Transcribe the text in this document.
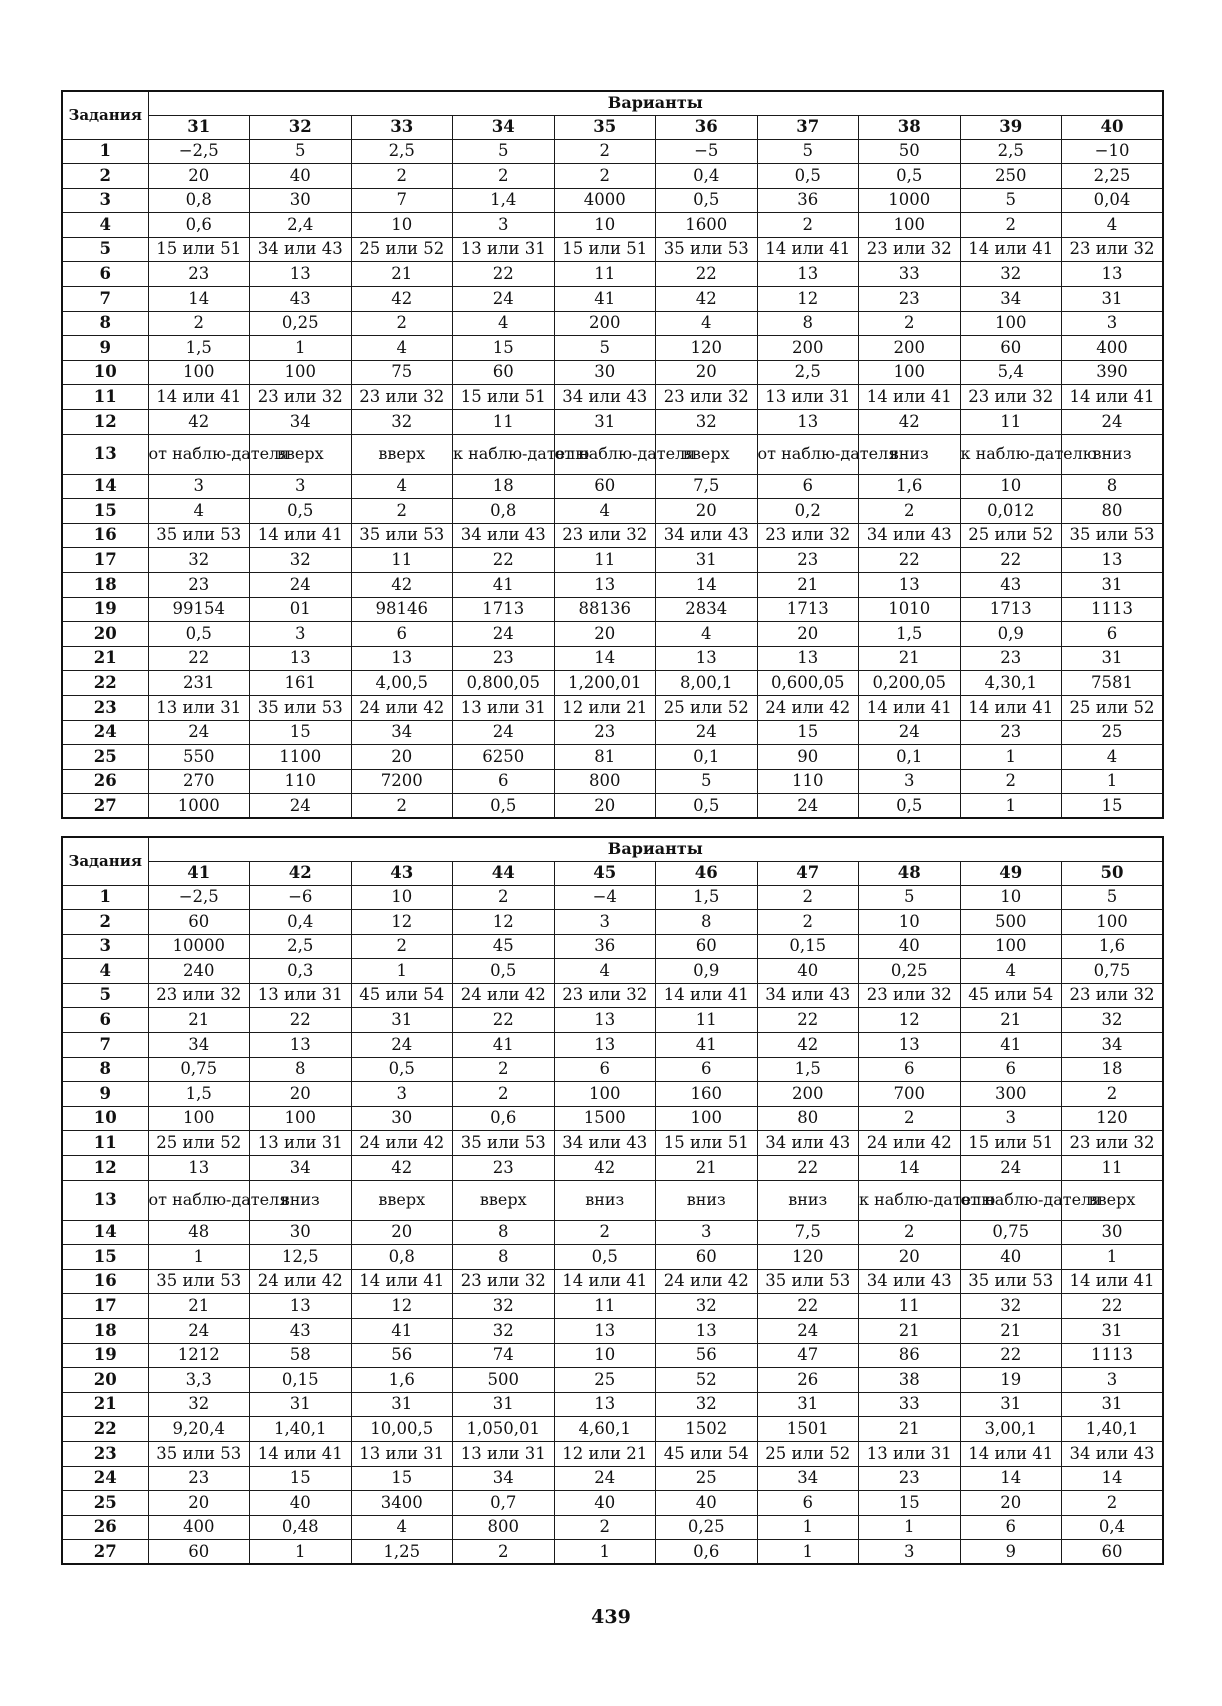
Задания	Варианты									
	31	32	33	34	35	36	37	38	39	40
1	−2,5	5	2,5	5	2	−5	5	50	2,5	−10
2	20	40	2	2	2	0,4	0,5	0,5	250	2,25
3	0,8	30	7	1,4	4000	0,5	36	1000	5	0,04
4	0,6	2,4	10	3	10	1600	2	100	2	4
5	15 или 51	34 или 43	25 или 52	13 или 31	15 или 51	35 или 53	14 или 41	23 или 32	14 или 41	23 или 32
6	23	13	21	22	11	22	13	33	32	13
7	14	43	42	24	41	42	12	23	34	31
8	2	0,25	2	4	200	4	8	2	100	3
9	1,5	1	4	15	5	120	200	200	60	400
10	100	100	75	60	30	20	2,5	100	5,4	390
11	14 или 41	23 или 32	23 или 32	15 или 51	34 или 43	23 или 32	13 или 31	14 или 41	23 или 32	14 или 41
12	42	34	32	11	31	32	13	42	11	24
13	от наблю-дателя	вверх	вверх	к наблю-дателю	от наблю-дателя	вверх	от наблю-дателя	вниз	к наблю-дателю	вниз
14	3	3	4	18	60	7,5	6	1,6	10	8
15	4	0,5	2	0,8	4	20	0,2	2	0,012	80
16	35 или 53	14 или 41	35 или 53	34 или 43	23 или 32	34 или 43	23 или 32	34 или 43	25 или 52	35 или 53
17	32	32	11	22	11	31	23	22	22	13
18	23	24	42	41	13	14	21	13	43	31
19	99154	01	98146	1713	88136	2834	1713	1010	1713	1113
20	0,5	3	6	24	20	4	20	1,5	0,9	6
21	22	13	13	23	14	13	13	21	23	31
22	231	161	4,00,5	0,800,05	1,200,01	8,00,1	0,600,05	0,200,05	4,30,1	7581
23	13 или 31	35 или 53	24 или 42	13 или 31	12 или 21	25 или 52	24 или 42	14 или 41	14 или 41	25 или 52
24	24	15	34	24	23	24	15	24	23	25
25	550	1100	20	6250	81	0,1	90	0,1	1	4
26	270	110	7200	6	800	5	110	3	2	1
27	1000	24	2	0,5	20	0,5	24	0,5	1	15
Задания	Варианты									
	41	42	43	44	45	46	47	48	49	50
1	−2,5	−6	10	2	−4	1,5	2	5	10	5
2	60	0,4	12	12	3	8	2	10	500	100
3	10000	2,5	2	45	36	60	0,15	40	100	1,6
4	240	0,3	1	0,5	4	0,9	40	0,25	4	0,75
5	23 или 32	13 или 31	45 или 54	24 или 42	23 или 32	14 или 41	34 или 43	23 или 32	45 или 54	23 или 32
6	21	22	31	22	13	11	22	12	21	32
7	34	13	24	41	13	41	42	13	41	34
8	0,75	8	0,5	2	6	6	1,5	6	6	18
9	1,5	20	3	2	100	160	200	700	300	2
10	100	100	30	0,6	1500	100	80	2	3	120
11	25 или 52	13 или 31	24 или 42	35 или 53	34 или 43	15 или 51	34 или 43	24 или 42	15 или 51	23 или 32
12	13	34	42	23	42	21	22	14	24	11
13	от наблю-дателя	вниз	вверх	вверх	вниз	вниз	вниз	к наблю-дателю	от наблю-дателя	вверх
14	48	30	20	8	2	3	7,5	2	0,75	30
15	1	12,5	0,8	8	0,5	60	120	20	40	1
16	35 или 53	24 или 42	14 или 41	23 или 32	14 или 41	24 или 42	35 или 53	34 или 43	35 или 53	14 или 41
17	21	13	12	32	11	32	22	11	32	22
18	24	43	41	32	13	13	24	21	21	31
19	1212	58	56	74	10	56	47	86	22	1113
20	3,3	0,15	1,6	500	25	52	26	38	19	3
21	32	31	31	31	13	32	31	33	31	31
22	9,20,4	1,40,1	10,00,5	1,050,01	4,60,1	1502	1501	21	3,00,1	1,40,1
23	35 или 53	14 или 41	13 или 31	13 или 31	12 или 21	45 или 54	25 или 52	13 или 31	14 или 41	34 или 43
24	23	15	15	34	24	25	34	23	14	14
25	20	40	3400	0,7	40	40	6	15	20	2
26	400	0,48	4	800	2	0,25	1	1	6	0,4
27	60	1	1,25	2	1	0,6	1	3	9	60
439
